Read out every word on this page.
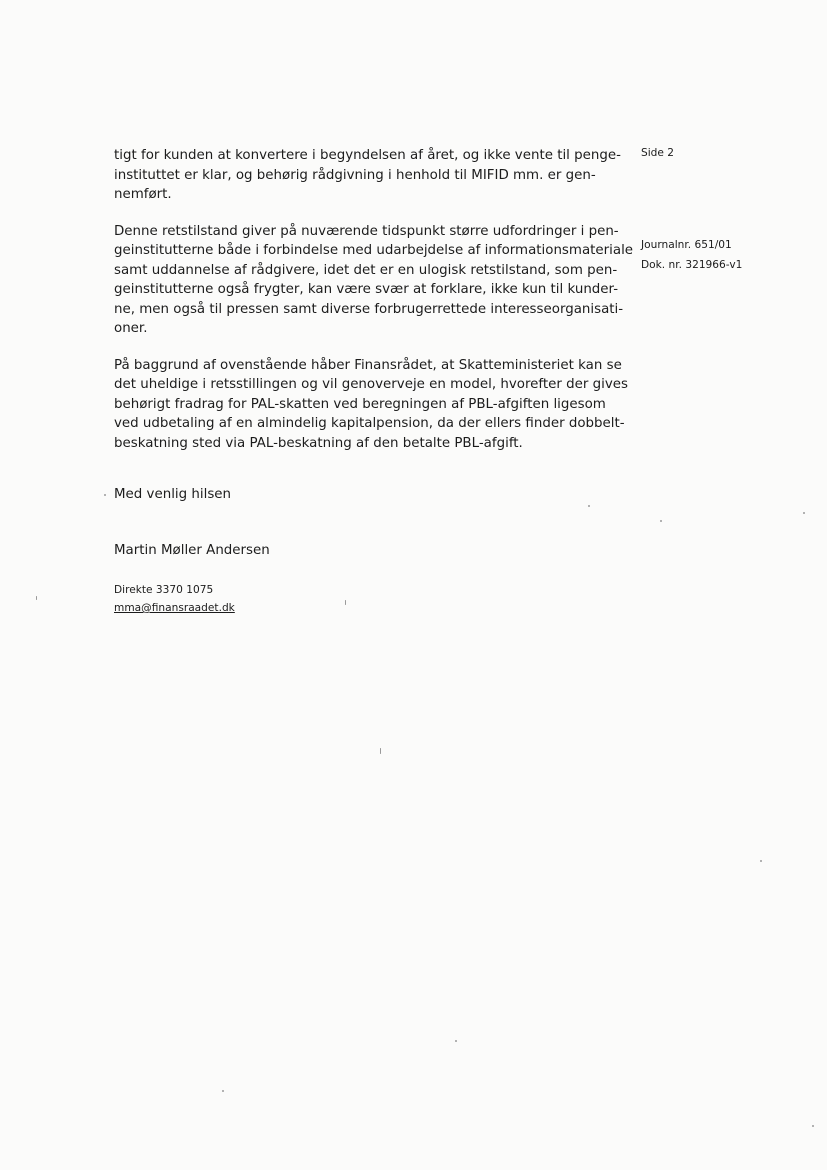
tigt for kunden at konvertere i begyndelsen af året, og ikke vente til penge-
instituttet er klar, og behørig rådgivning i henhold til MIFID mm. er gen-
nemført.

Denne retstilstand giver på nuværende tidspunkt større udfordringer i pen-
geinstitutterne både i forbindelse med udarbejdelse af informationsmateriale
samt uddannelse af rådgivere, idet det er en ulogisk retstilstand, som pen-
geinstitutterne også frygter, kan være svær at forklare, ikke kun til kunder-
ne, men også til pressen samt diverse forbrugerrettede interesseorganisati-
oner.

På baggrund af ovenstående håber Finansrådet, at Skatteministeriet kan se
det uheldige i retsstillingen og vil genoverveje en model, hvorefter der gives
behørigt fradrag for PAL-skatten ved beregningen af PBL-afgiften ligesom
ved udbetaling af en almindelig kapitalpension, da der ellers finder dobbelt-
beskatning sted via PAL-beskatning af den betalte PBL-afgift.

Med venlig hilsen
Martin Møller Andersen
Direkte 3370 1075
mma@finansraadet.dk
Side 2
Journalnr. 651/01
Dok. nr. 321966-v1
